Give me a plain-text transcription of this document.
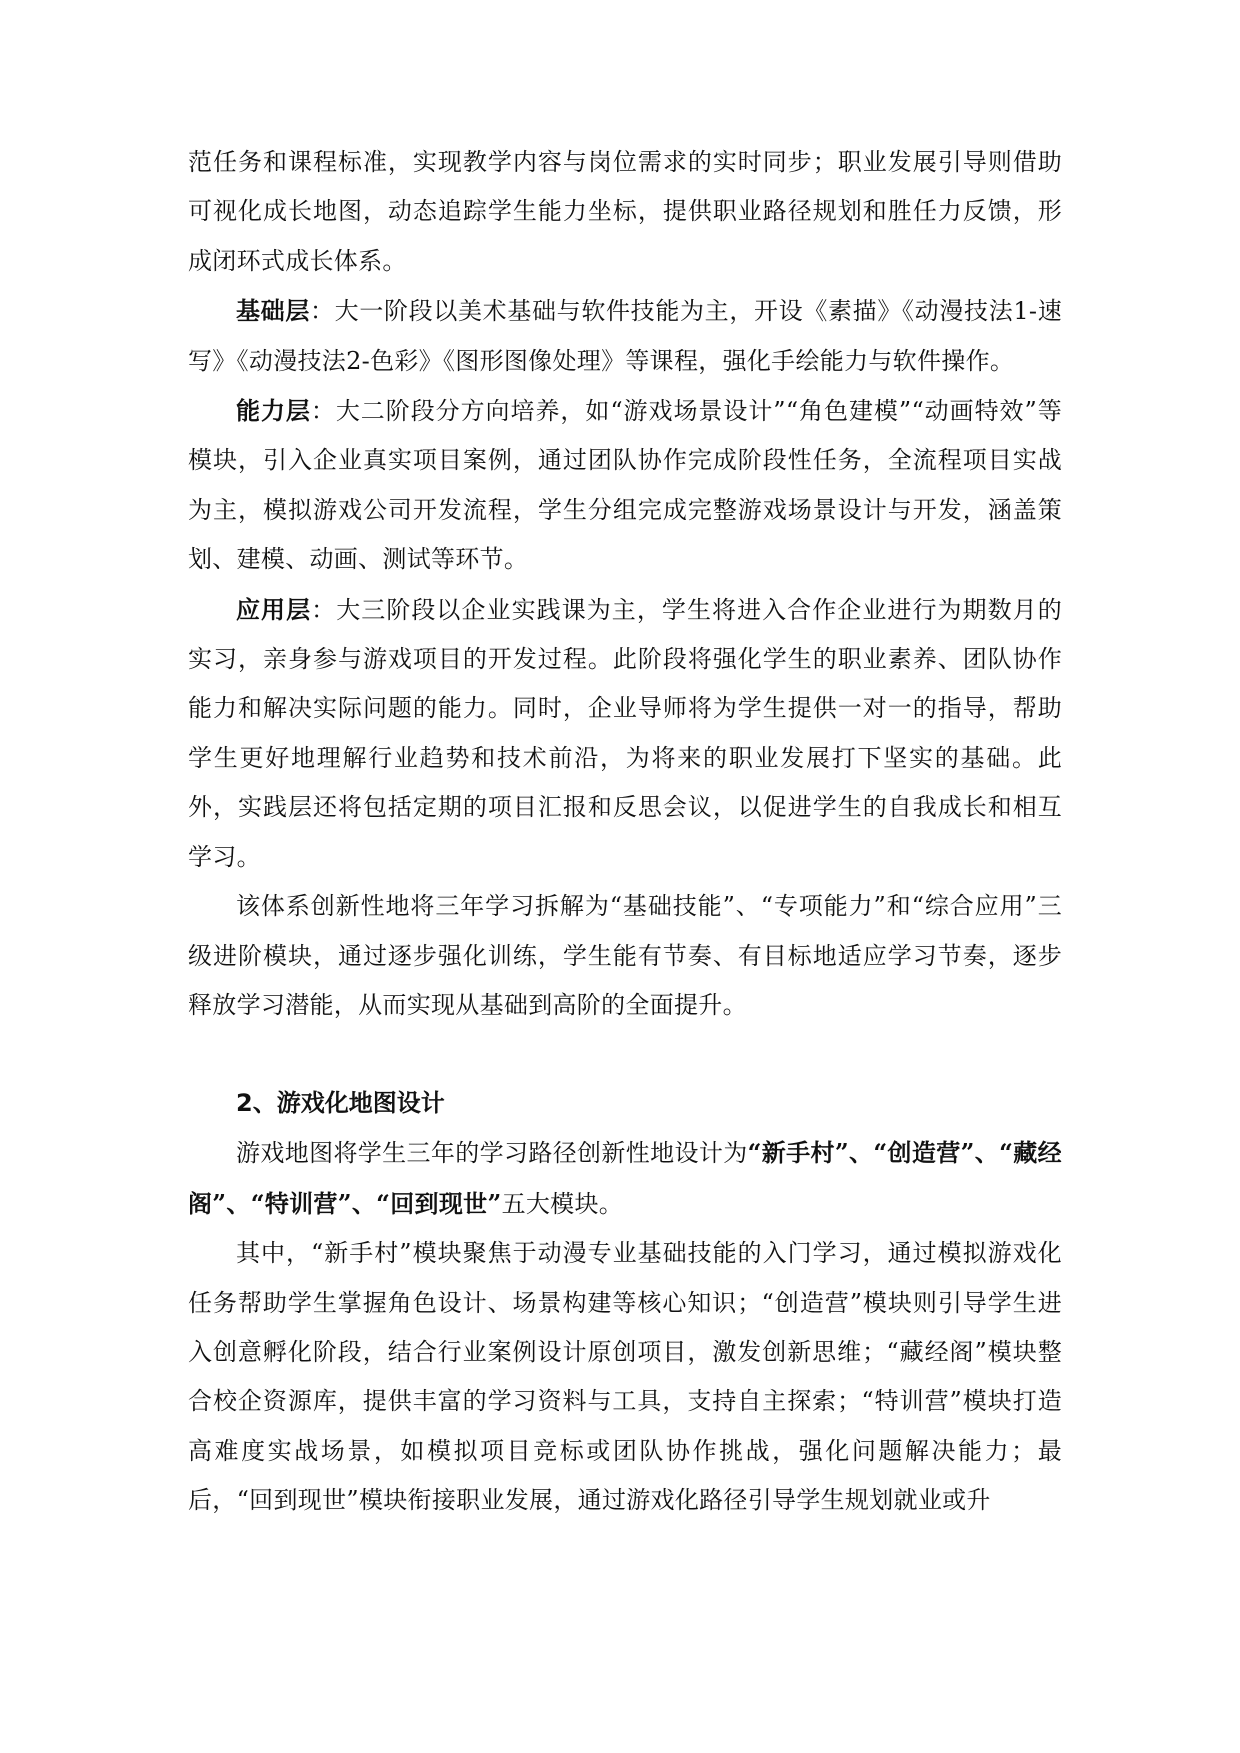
范任务和课程标准，实现教学内容与岗位需求的实时同步；职业发展引导则借助可视化成长地图，动态追踪学生能力坐标，提供职业路径规划和胜任力反馈，形成闭环式成长体系。

基础层：大一阶段以美术基础与软件技能为主，开设《素描》《动漫技法1-速写》《动漫技法2-色彩》《图形图像处理》等课程，强化手绘能力与软件操作。

能力层：大二阶段分方向培养，如“游戏场景设计”“角色建模”“动画特效”等模块，引入企业真实项目案例，通过团队协作完成阶段性任务，全流程项目实战为主，模拟游戏公司开发流程，学生分组完成完整游戏场景设计与开发，涵盖策划、建模、动画、测试等环节。

应用层：大三阶段以企业实践课为主，学生将进入合作企业进行为期数月的实习，亲身参与游戏项目的开发过程。此阶段将强化学生的职业素养、团队协作能力和解决实际问题的能力。同时，企业导师将为学生提供一对一的指导，帮助学生更好地理解行业趋势和技术前沿，为将来的职业发展打下坚实的基础。此外，实践层还将包括定期的项目汇报和反思会议，以促进学生的自我成长和相互学习。

该体系创新性地将三年学习拆解为“基础技能”、“专项能力”和“综合应用”三级进阶模块，通过逐步强化训练，学生能有节奏、有目标地适应学习节奏，逐步释放学习潜能，从而实现从基础到高阶的全面提升。

2、游戏化地图设计

游戏地图将学生三年的学习路径创新性地设计为“新手村”、“创造营”、“藏经阁”、“特训营”、“回到现世”五大模块。

其中，“新手村”模块聚焦于动漫专业基础技能的入门学习，通过模拟游戏化任务帮助学生掌握角色设计、场景构建等核心知识；“创造营”模块则引导学生进入创意孵化阶段，结合行业案例设计原创项目，激发创新思维；“藏经阁”模块整合校企资源库，提供丰富的学习资料与工具，支持自主探索；“特训营”模块打造高难度实战场景，如模拟项目竞标或团队协作挑战，强化问题解决能力；最后，“回到现世”模块衔接职业发展，通过游戏化路径引导学生规划就业或升
